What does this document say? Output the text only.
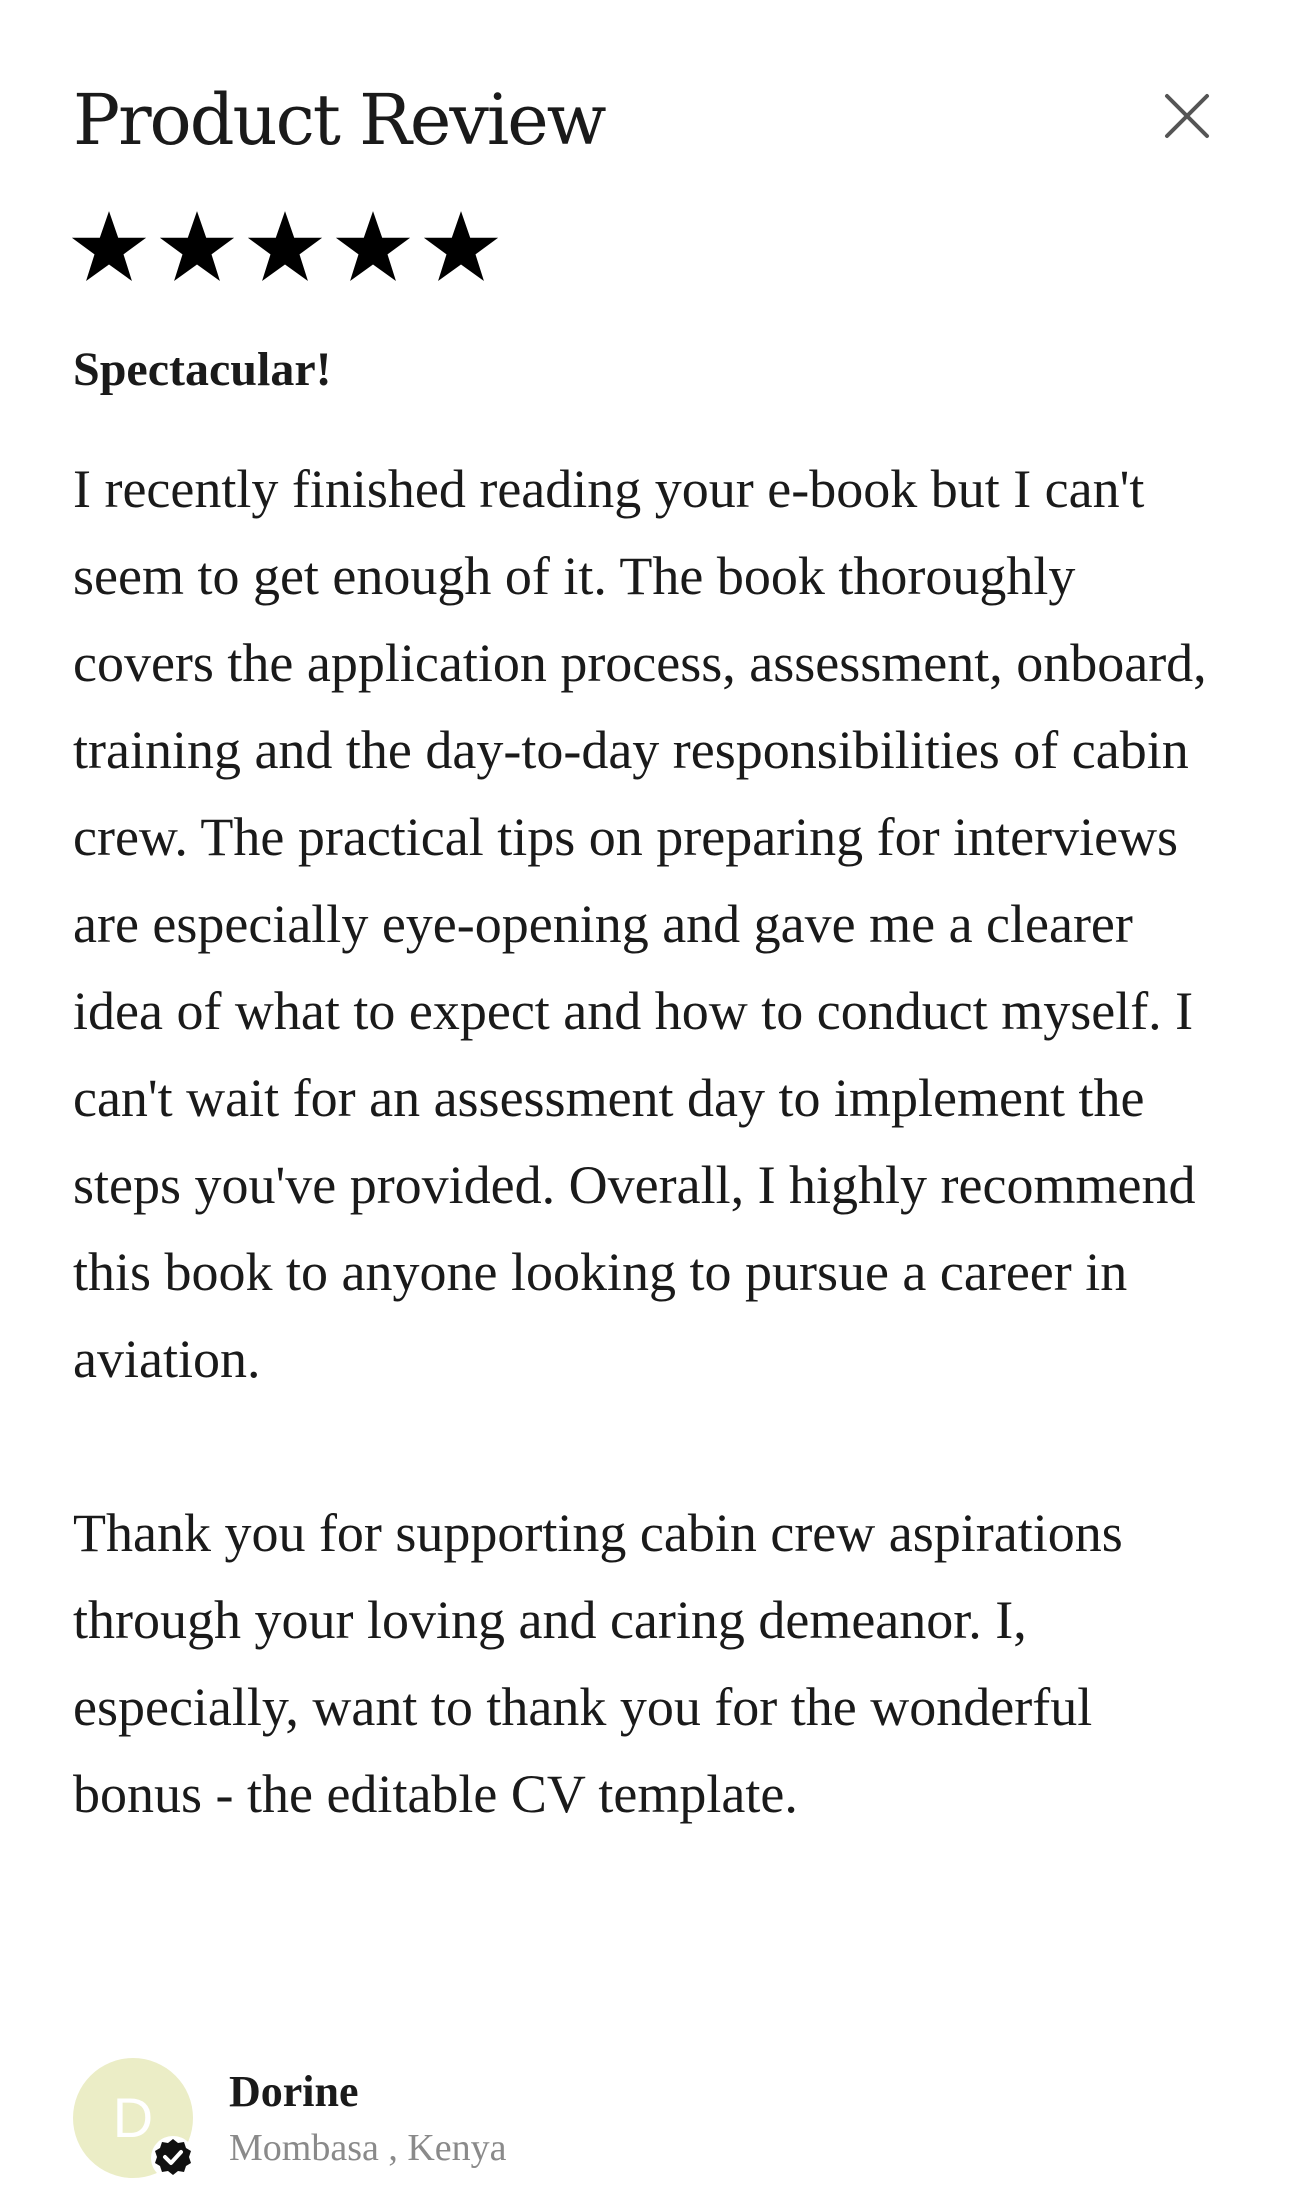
Product Review
Spectacular!

I recently finished reading your e-book but I can't seem to get enough of it. The book thoroughly covers the application process, assessment, onboard, training and the day-to-day responsibilities of cabin crew. The practical tips on preparing for interviews are especially eye-opening and gave me a clearer idea of what to expect and how to conduct myself. I can't wait for an assessment day to implement the steps you've provided. Overall, I highly recommend this book to anyone looking to pursue a career in aviation.

Thank you for supporting cabin crew aspirations through your loving and caring demeanor. I, especially, want to thank you for the wonderful bonus - the editable CV template.

D	Dorine
Mombasa , Kenya
